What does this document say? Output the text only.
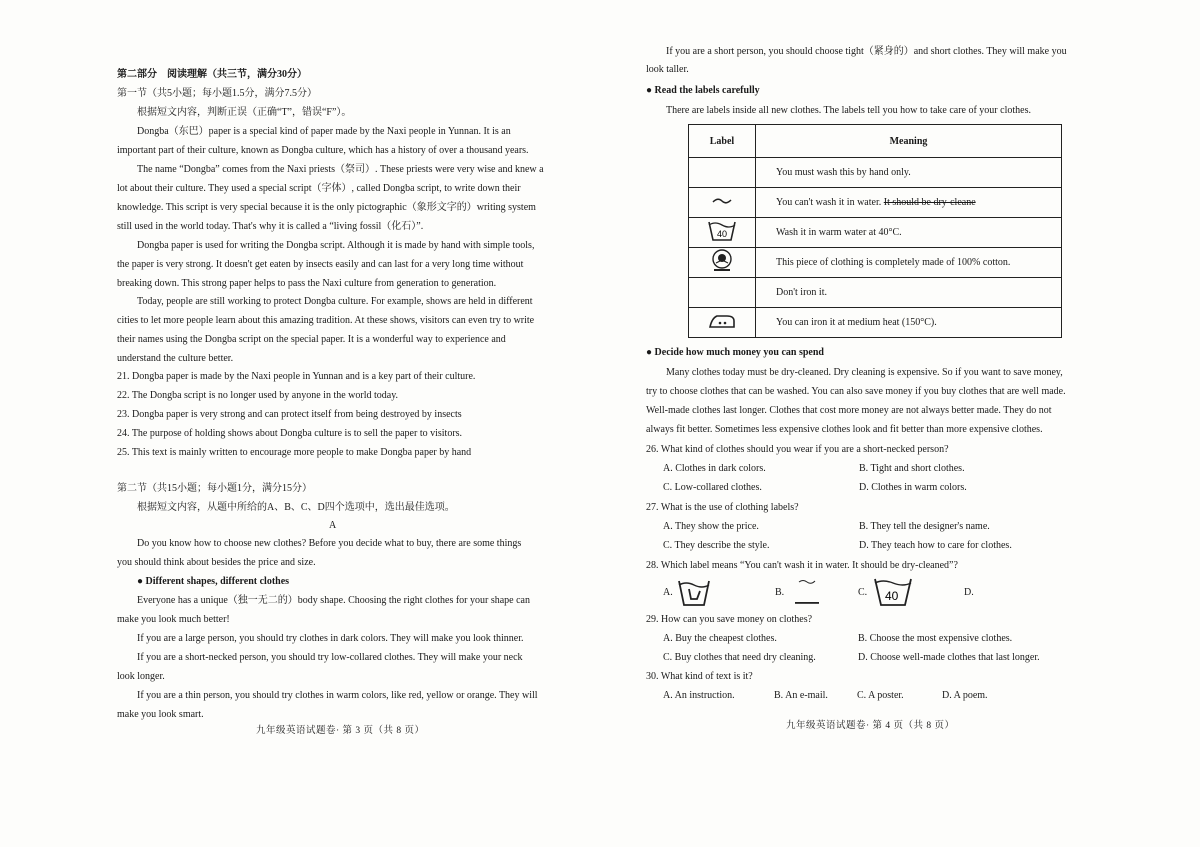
第二部分　阅读理解（共三节，满分30分）
第一节（共5小题；每小题1.5分，满分7.5分）
根据短文内容，判断正误（正确“T”，错误“F”）。
Dongba（东巴）paper is a special kind of paper made by the Naxi people in Yunnan. It is an
important part of their culture, known as Dongba culture, which has a history of over a thousand years.
The name “Dongba” comes from the Naxi priests（祭司）. These priests were very wise and knew a
lot about their culture. They used a special script（字体）, called Dongba script, to write down their
knowledge. This script is very special because it is the only pictographic（象形文字的）writing system
still used in the world today. That's why it is called a “living fossil（化石）”.
Dongba paper is used for writing the Dongba script. Although it is made by hand with simple tools,
the paper is very strong. It doesn't get eaten by insects easily and can last for a very long time without
breaking down. This strong paper helps to pass the Naxi culture from generation to generation.
Today, people are still working to protect Dongba culture. For example, shows are held in different
cities to let more people learn about this amazing tradition. At these shows, visitors can even try to write
their names using the Dongba script on the special paper. It is a wonderful way to experience and
understand the culture better.
21. Dongba paper is made by the Naxi people in Yunnan and is a key part of their culture.
22. The Dongba script is no longer used by anyone in the world today.
23. Dongba paper is very strong and can protect itself from being destroyed by insects
24. The purpose of holding shows about Dongba culture is to sell the paper to visitors.
25. This text is mainly written to encourage more people to make Dongba paper by hand
第二节（共15小题；每小题1分，满分15分）
根据短文内容，从题中所给的A、B、C、D四个选项中，选出最佳选项。
A
Do you know how to choose new clothes? Before you decide what to buy, there are some things
you should think about besides the price and size.
● Different shapes, different clothes
Everyone has a unique（独一无二的）body shape. Choosing the right clothes for your shape can
make you look much better!
If you are a large person, you should try clothes in dark colors. They will make you look thinner.
If you are a short-necked person, you should try low-collared clothes. They will make your neck
look longer.
If you are a thin person, you should try clothes in warm colors, like red, yellow or orange. They will
make you look smart.
九年级英语试题卷· 第 3 页（共 8 页）
If you are a short person, you should choose tight（紧身的）and short clothes. They will make you
look taller.
● Read the labels carefully
There are labels inside all new clothes. The labels tell you how to take care of your clothes.
Label	Meaning
	You must wash this by hand only.
	You can't wash it in water. It should be dry-cleane

40	Wash it in warm water at 40°C.
	This piece of clothing is completely made of 100% cotton.
	Don't iron it.
	You can iron it at medium heat (150°C).
● Decide how much money you can spend
Many clothes today must be dry-cleaned. Dry cleaning is expensive. So if you want to save money,
try to choose clothes that can be washed. You can also save money if you buy clothes that are well made.
Well-made clothes last longer. Clothes that cost more money are not always better made. They do not
always fit better. Sometimes less expensive clothes look and fit better than more expensive clothes.
26. What kind of clothes should you wear if you are a short-necked person?
A. Clothes in dark colors.	B. Tight and short clothes.
C. Low-collared clothes.	D. Clothes in warm colors.
27. What is the use of clothing labels?
A. They show the price.	B. They tell the designer's name.
C. They describe the style.	D. They teach how to care for clothes.
28. Which label means “You can't wash it in water. It should be dry-cleaned”?
A.	B.	C. 40	D.
29. How can you save money on clothes?
A. Buy the cheapest clothes.	B. Choose the most expensive clothes.
C. Buy clothes that need dry cleaning.	D. Choose well-made clothes that last longer.
30. What kind of text is it?
A. An instruction.	B. An e-mail.	C. A poster.	D. A poem.
九年级英语试题卷· 第 4 页（共 8 页）
